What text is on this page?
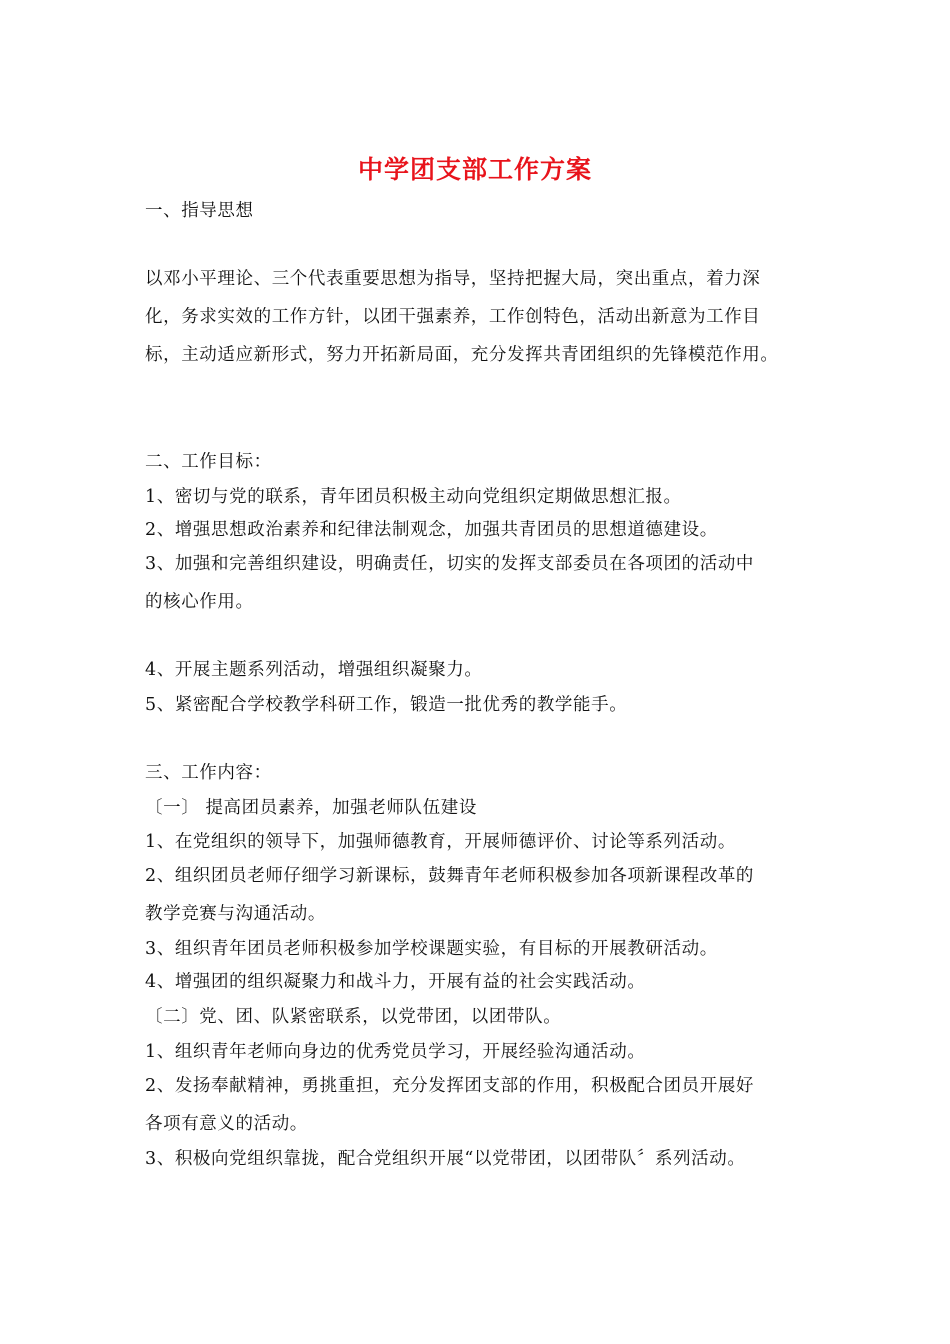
中学团支部工作方案
一、指导思想
以邓小平理论、三个代表重要思想为指导，坚持把握大局，突出重点，着力深
化，务求实效的工作方针，以团干强素养，工作创特色，活动出新意为工作目
标，主动适应新形式，努力开拓新局面，充分发挥共青团组织的先锋模范作用。
二、工作目标：
1、密切与党的联系，青年团员积极主动向党组织定期做思想汇报。
2、增强思想政治素养和纪律法制观念，加强共青团员的思想道德建设。
3、加强和完善组织建设，明确责任，切实的发挥支部委员在各项团的活动中
的核心作用。
4、开展主题系列活动，增强组织凝聚力。
5、紧密配合学校教学科研工作，锻造一批优秀的教学能手。
三、工作内容：
〔一〕 提高团员素养，加强老师队伍建设
1、在党组织的领导下，加强师德教育，开展师德评价、讨论等系列活动。
2、组织团员老师仔细学习新课标，鼓舞青年老师积极参加各项新课程改革的
教学竞赛与沟通活动。
3、组织青年团员老师积极参加学校课题实验，有目标的开展教研活动。
4、增强团的组织凝聚力和战斗力，开展有益的社会实践活动。
〔二〕党、团、队紧密联系，以党带团，以团带队。
1、组织青年老师向身边的优秀党员学习，开展经验沟通活动。
2、发扬奉献精神，勇挑重担，充分发挥团支部的作用，积极配合团员开展好
各项有意义的活动。
3、积极向党组织靠拢，配合党组织开展“以党带团，以团带队〞系列活动。
